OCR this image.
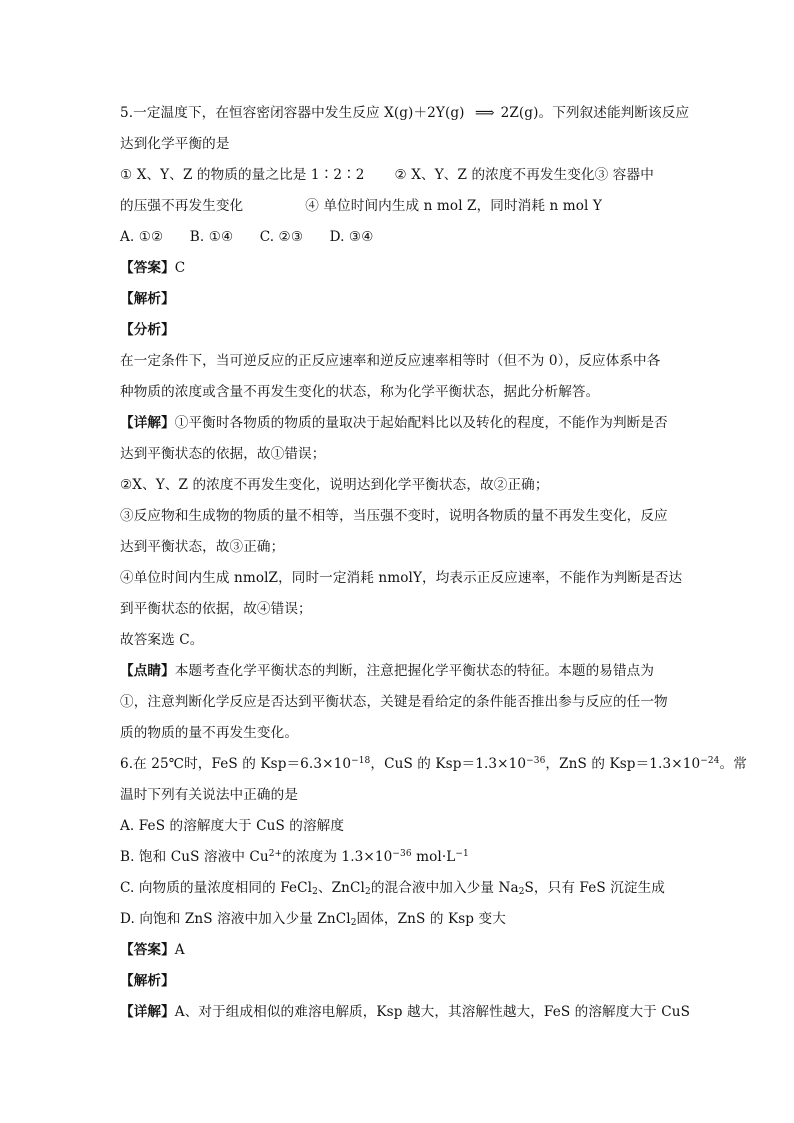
5.一定温度下，在恒容密闭容器中发生反应 X(g)＋2Y(g) ⟹ 2Z(g)。下列叙述能判断该反应
达到化学平衡的是
① X、Y、Z 的物质的量之比是 1∶2∶2 ② X、Y、Z 的浓度不再发生变化③ 容器中
的压强不再发生变化	④ 单位时间内生成 n mol Z，同时消耗 n mol Y
A. ①② B. ①④ C. ②③ D. ③④
【答案】C
【解析】
【分析】
在一定条件下，当可逆反应的正反应速率和逆反应速率相等时（但不为 0），反应体系中各
种物质的浓度或含量不再发生变化的状态，称为化学平衡状态，据此分析解答。
【详解】①平衡时各物质的物质的量取决于起始配料比以及转化的程度，不能作为判断是否
达到平衡状态的依据，故①错误；
②X、Y、Z 的浓度不再发生变化，说明达到化学平衡状态，故②正确；
③反应物和生成物的物质的量不相等，当压强不变时，说明各物质的量不再发生变化，反应
达到平衡状态，故③正确；
④单位时间内生成 nmolZ，同时一定消耗 nmolY，均表示正反应速率，不能作为判断是否达
到平衡状态的依据，故④错误；
故答案选 C。
【点睛】本题考查化学平衡状态的判断，注意把握化学平衡状态的特征。本题的易错点为
①，注意判断化学反应是否达到平衡状态，关键是看给定的条件能否推出参与反应的任一物
质的物质的量不再发生变化。
6.在 25℃时，FeS 的 $Ksp=6.3\times 10^{-18}$，CuS 的 $Ksp=1.3\times 10^{-36}$，ZnS 的 $Ksp=1.3\times 10^{-24}$。常
温时下列有关说法中正确的是
A. FeS 的溶解度大于 CuS 的溶解度
B. 饱和 CuS 溶液中 $Cu^{2+}$的浓度为 $1.3\times 10^{-36}$ $mol\cdot L^{-1}$
C. 向物质的量浓度相同的 FeCl$_2$、ZnCl$_2$的混合液中加入少量 $Na_2S$，只有 FeS 沉淀生成
D. 向饱和 ZnS 溶液中加入少量 ZnCl$_2$固体，ZnS 的 Ksp 变大
【答案】A
【解析】
【详解】A、对于组成相似的难溶电解质，Ksp 越大，其溶解性越大，FeS 的溶解度大于 CuS
